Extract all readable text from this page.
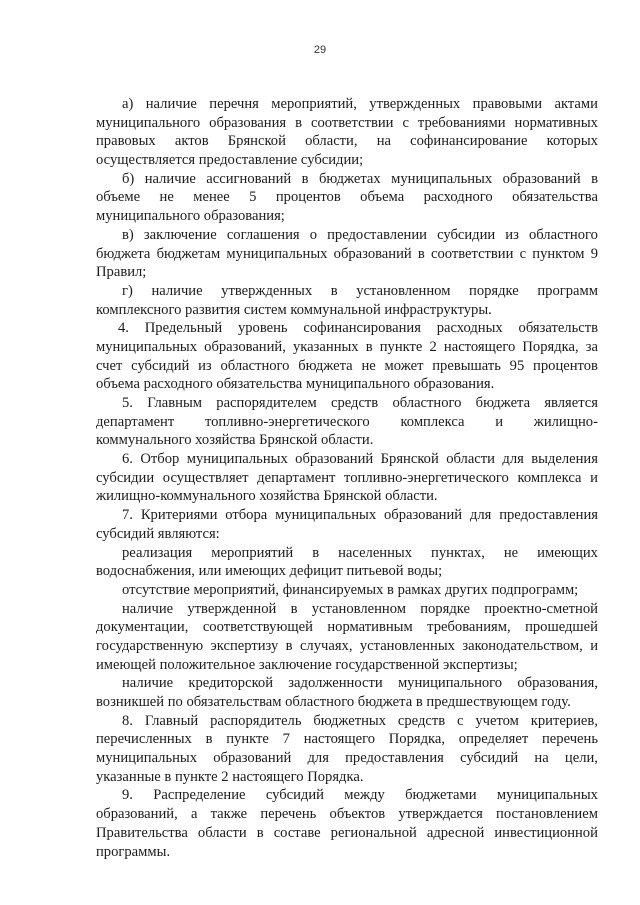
29
а) наличие перечня мероприятий, утвержденных правовыми актами
муниципального образования в соответствии с требованиями нормативных
правовых актов Брянской области, на софинансирование которых
осуществляется предоставление субсидии;
б) наличие ассигнований в бюджетах муниципальных образований в
объеме не менее 5 процентов объема расходного обязательства
муниципального образования;
в) заключение соглашения о предоставлении субсидии из областного
бюджета бюджетам муниципальных образований в соответствии с пунктом 9
Правил;
г) наличие утвержденных в установленном порядке программ
комплексного развития систем коммунальной инфраструктуры.
4. Предельный уровень софинансирования расходных обязательств
муниципальных образований, указанных в пункте 2 настоящего Порядка, за
счет субсидий из областного бюджета не может превышать 95 процентов
объема расходного обязательства муниципального образования.
5. Главным распорядителем средств областного бюджета является
департамент топливно-энергетического комплекса и жилищно-
коммунального хозяйства Брянской области.
6. Отбор муниципальных образований Брянской области для выделения
субсидии осуществляет департамент топливно-энергетического комплекса и
жилищно-коммунального хозяйства Брянской области.
7. Критериями отбора муниципальных образований для предоставления
субсидий являются:
реализация мероприятий в населенных пунктах, не имеющих
водоснабжения, или имеющих дефицит питьевой воды;
отсутствие мероприятий, финансируемых в рамках других подпрограмм;
наличие утвержденной в установленном порядке проектно-сметной
документации, соответствующей нормативным требованиям, прошедшей
государственную экспертизу в случаях, установленных законодательством, и
имеющей положительное заключение государственной экспертизы;
наличие кредиторской задолженности муниципального образования,
возникшей по обязательствам областного бюджета в предшествующем году.
8. Главный распорядитель бюджетных средств с учетом критериев,
перечисленных в пункте 7 настоящего Порядка, определяет перечень
муниципальных образований для предоставления субсидий на цели,
указанные в пункте 2 настоящего Порядка.
9. Распределение субсидий между бюджетами муниципальных
образований, а также перечень объектов утверждается постановлением
Правительства области в составе региональной адресной инвестиционной
программы.
